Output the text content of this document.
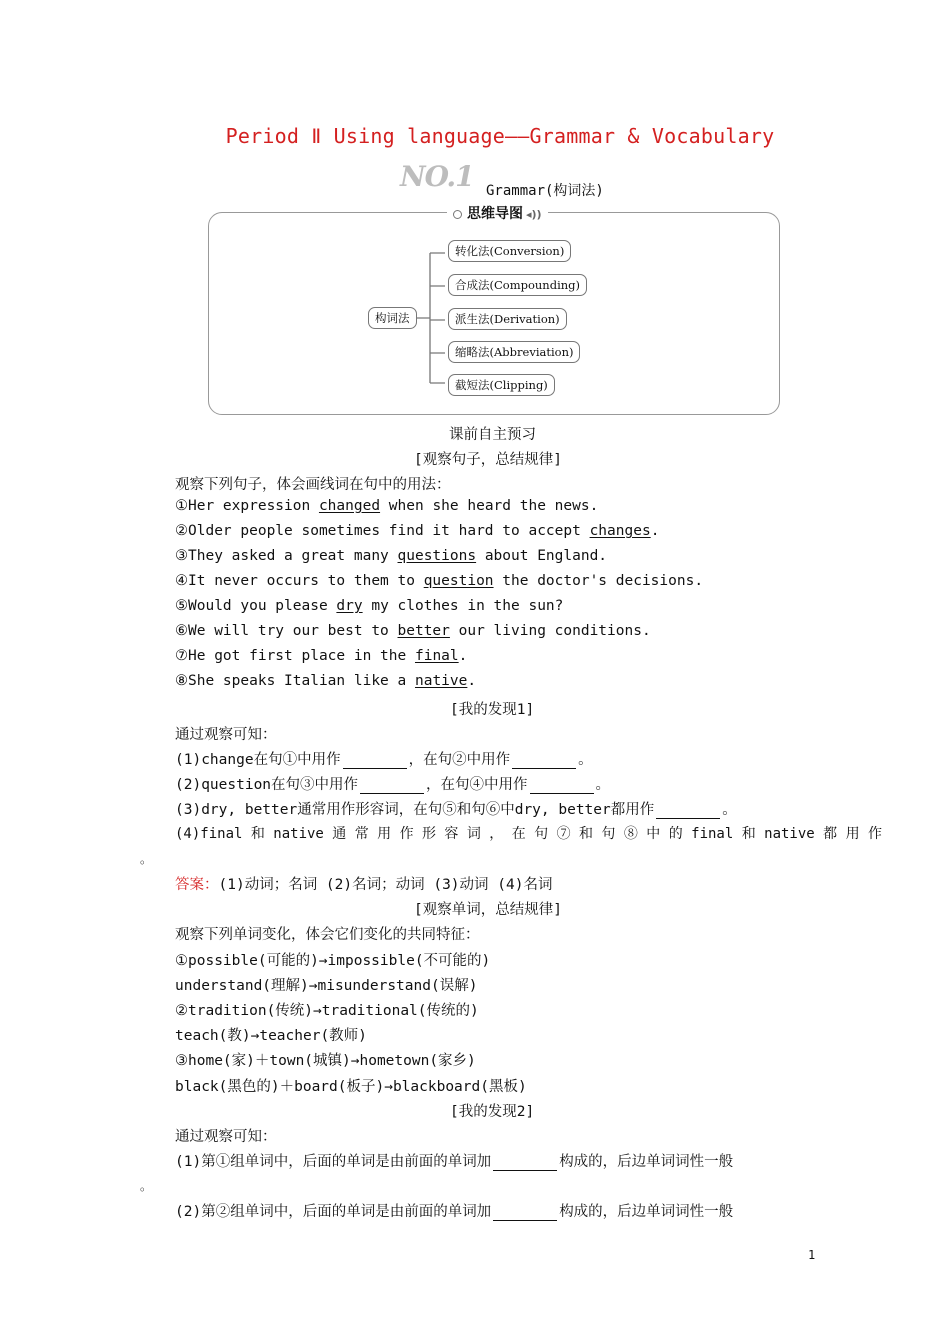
Period Ⅱ Using language——Grammar & Vocabulary
NO.1 Grammar(构词法)
思维导图 ◂))
构词法
转化法(Conversion)
合成法(Compounding)
派生法(Derivation)
缩略法(Abbreviation)
截短法(Clipping)
课前自主预习
[观察句子，总结规律]
观察下列句子，体会画线词在句中的用法：
①Her expression changed when she heard the news.
②Older people sometimes find it hard to accept changes.
③They asked a great many questions about England.
④It never occurs to them to question the doctor's decisions.
⑤Would you please dry my clothes in the sun?
⑥We will try our best to better our living conditions.
⑦He got first place in the final.
⑧She speaks Italian like a native.
[我的发现1]
通过观察可知：
(1)change在句①中用作	，在句②中用作	。
(2)question在句③中用作	，在句④中用作	。
(3)dry, better通常用作形容词，在句⑤和句⑥中dry, better都用作	。
(4)final 和 native 通 常 用 作 形 容 词 ， 在 句 ⑦ 和 句 ⑧ 中 的 final 和 native 都 用 作
。
答案：(1)动词；名词 (2)名词；动词 (3)动词 (4)名词
[观察单词，总结规律]
观察下列单词变化，体会它们变化的共同特征：
①possible(可能的)→impossible(不可能的)
understand(理解)→misunderstand(误解)
②tradition(传统)→traditional(传统的)
teach(教)→teacher(教师)
③home(家)＋town(城镇)→hometown(家乡)
black(黑色的)＋board(板子)→blackboard(黑板)
[我的发现2]
通过观察可知：
(1)第①组单词中，后面的单词是由前面的单词加	构成的，后边单词词性一般
。
(2)第②组单词中，后面的单词是由前面的单词加	构成的，后边单词词性一般
1
